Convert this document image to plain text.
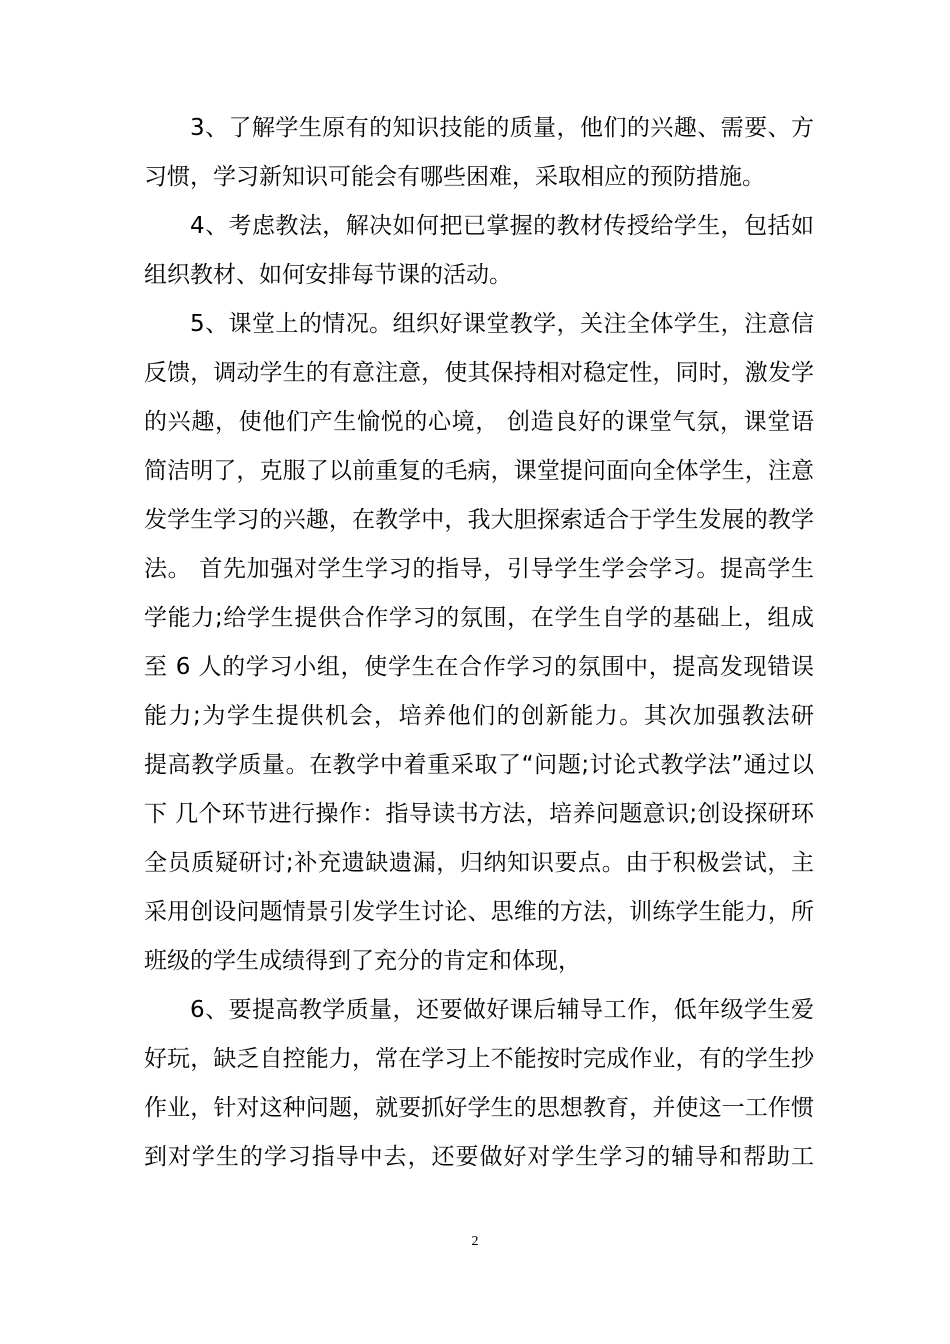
3、了解学生原有的知识技能的质量，他们的兴趣、需要、方
习惯，学习新知识可能会有哪些困难，采取相应的预防措施。
4、考虑教法，解决如何把已掌握的教材传授给学生，包括如
组织教材、如何安排每节课的活动。
5、课堂上的情况。组织好课堂教学，关注全体学生，注意信
反馈，调动学生的有意注意，使其保持相对稳定性，同时，激发学
的兴趣，使他们产生愉悦的心境， 创造良好的课堂气氛，课堂语
简洁明了，克服了以前重复的毛病，课堂提问面向全体学生，注意
发学生学习的兴趣，在教学中，我大胆探索适合于学生发展的教学
法。 首先加强对学生学习的指导，引导学生学会学习。提高学生
学能力;给学生提供合作学习的氛围，在学生自学的基础上，组成
至 6 人的学习小组，使学生在合作学习的氛围中，提高发现错误
能力;为学生提供机会，培养他们的创新能力。其次加强教法研
提高教学质量。在教学中着重采取了“问题;讨论式教学法”通过以
下 几个环节进行操作：指导读书方法，培养问题意识;创设探研环
全员质疑研讨;补充遗缺遗漏，归纳知识要点。由于积极尝试，主
采用创设问题情景引发学生讨论、思维的方法，训练学生能力，所
班级的学生成绩得到了充分的肯定和体现，
6、要提高教学质量，还要做好课后辅导工作，低年级学生爱
好玩，缺乏自控能力，常在学习上不能按时完成作业，有的学生抄
作业，针对这种问题，就要抓好学生的思想教育，并使这一工作惯
到对学生的学习指导中去，还要做好对学生学习的辅导和帮助工
2
